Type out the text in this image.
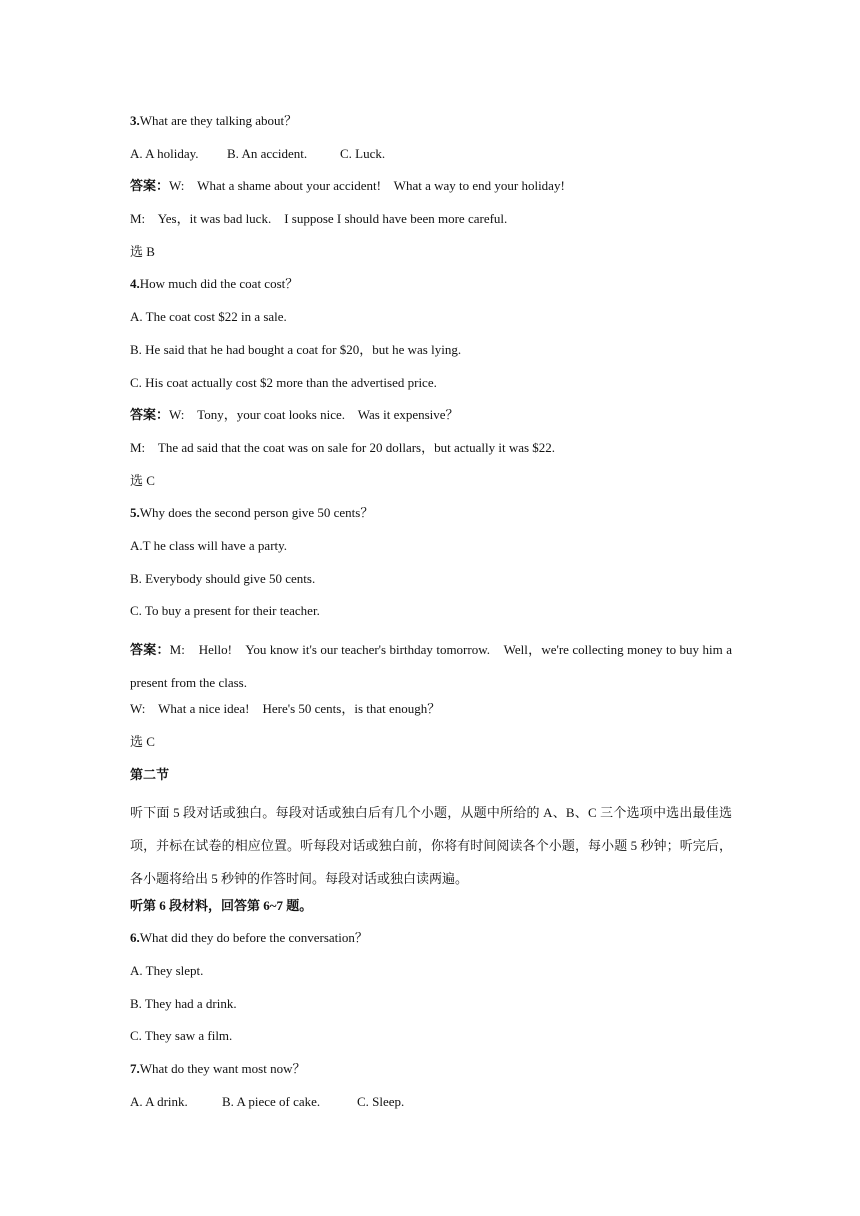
3.What are they talking about？
A. A holiday. B. An accident.	C. Luck.
答案：W:    What a shame about your accident!    What a way to end your holiday!
M:    Yes，it was bad luck.    I suppose I should have been more careful.
选 B
4.How much did the coat cost？
A. The coat cost $22 in a sale.
B. He said that he had bought a coat for $20，but he was lying.
C. His coat actually cost $2 more than the advertised price.
答案：W:    Tony，your coat looks nice.    Was it expensive？
M:    The ad said that the coat was on sale for 20 dollars，but actually it was $22.
选 C
5.Why does the second person give 50 cents？
A.T he class will have a party.
B. Everybody should give 50 cents.
C. To buy a present for their teacher.
答案：M:    Hello!    You know it's our teacher's birthday tomorrow.    Well，we're collecting money to buy him a present from the class.
W:    What a nice idea!    Here's 50 cents，is that enough？
选 C
第二节
听下面 5 段对话或独白。每段对话或独白后有几个小题，从题中所给的 A、B、C 三个选项中选出最佳选项，并标在试卷的相应位置。听每段对话或独白前，你将有时间阅读各个小题，每小题 5 秒钟；听完后，各小题将给出 5 秒钟的作答时间。每段对话或独白读两遍。
听第 6 段材料，回答第 6~7 题。
6.What did they do before the conversation？
A. They slept.
B. They had a drink.
C. They saw a film.
7.What do they want most now？
A. A drink.	B. A piece of cake.	C. Sleep.
